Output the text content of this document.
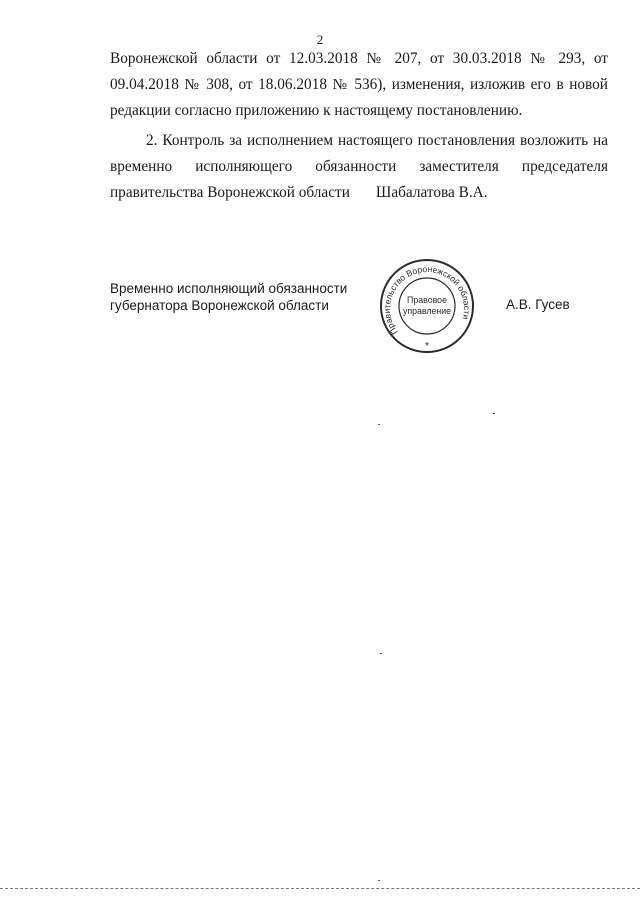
2
Воронежской области от 12.03.2018 № 207, от 30.03.2018 № 293, от
09.04.2018 № 308, от 18.06.2018 № 536), изменения, изложив его в новой
редакции согласно приложению к настоящему постановлению.
2. Контроль за исполнением настоящего постановления возложить на
временно исполняющего обязанности заместителя председателя
правительства Воронежской области Шабалатова В.А.
Временно исполняющий обязанности
губернатора Воронежской области
Правительство Воронежской области
Правовое
управление
*
А.В. Гусев
